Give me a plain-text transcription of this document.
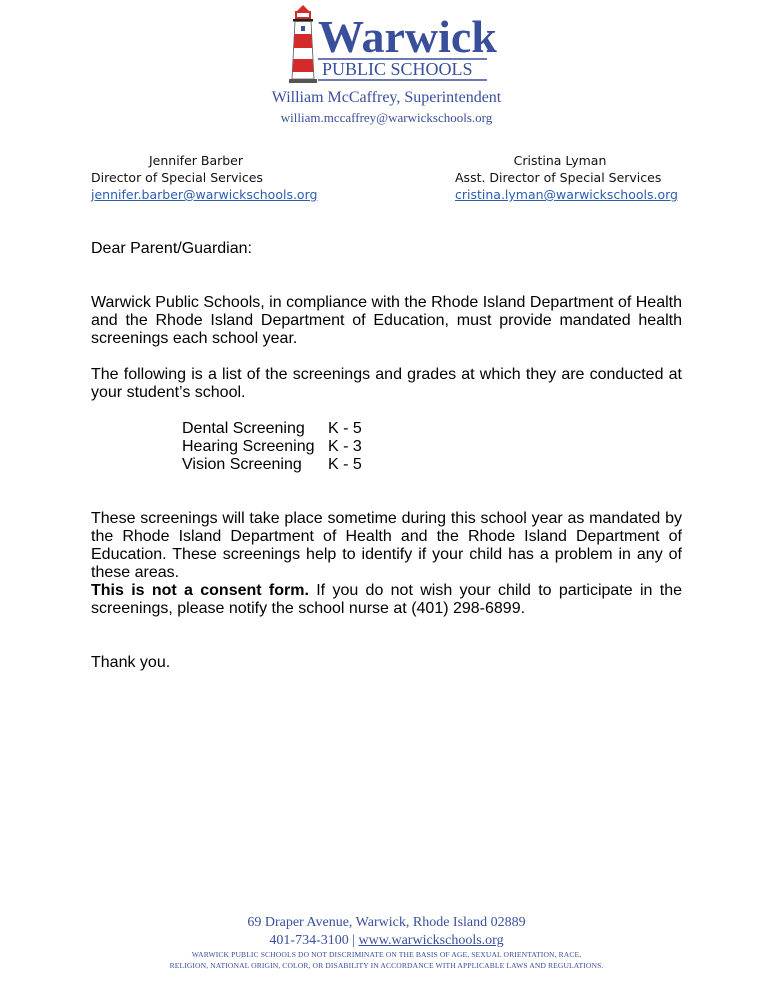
Warwick
PUBLIC SCHOOLS
William McCaffrey, Superintendent
william.mccaffrey@warwickschools.org
Jennifer Barber
Director of Special Services
jennifer.barber@warwickschools.org
Cristina Lyman
Asst. Director of Special Services
cristina.lyman@warwickschools.org

Dear Parent/Guardian:

Warwick Public Schools, in compliance with the Rhode Island Department of Health and the Rhode Island Department of Education, must provide mandated health screenings each school year.

The following is a list of the screenings and grades at which they are conducted at your student’s school.

Dental Screening	K - 5
Hearing Screening	K - 3
Vision Screening	K - 5

These screenings will take place sometime during this school year as mandated by the Rhode Island Department of Health and the Rhode Island Department of Education. These screenings help to identify if your child has a problem in any of these areas.

This is not a consent form. If you do not wish your child to participate in the screenings, please notify the school nurse at (401) 298-6899.

Thank you.

69 Draper Avenue, Warwick, Rhode Island 02889
401-734-3100 | www.warwickschools.org
WARWICK PUBLIC SCHOOLS DO NOT DISCRIMINATE ON THE BASIS OF AGE, SEXUAL ORIENTATION, RACE,
RELIGION, NATIONAL ORIGIN, COLOR, OR DISABILITY IN ACCORDANCE WITH APPLICABLE LAWS AND REGULATIONS.
